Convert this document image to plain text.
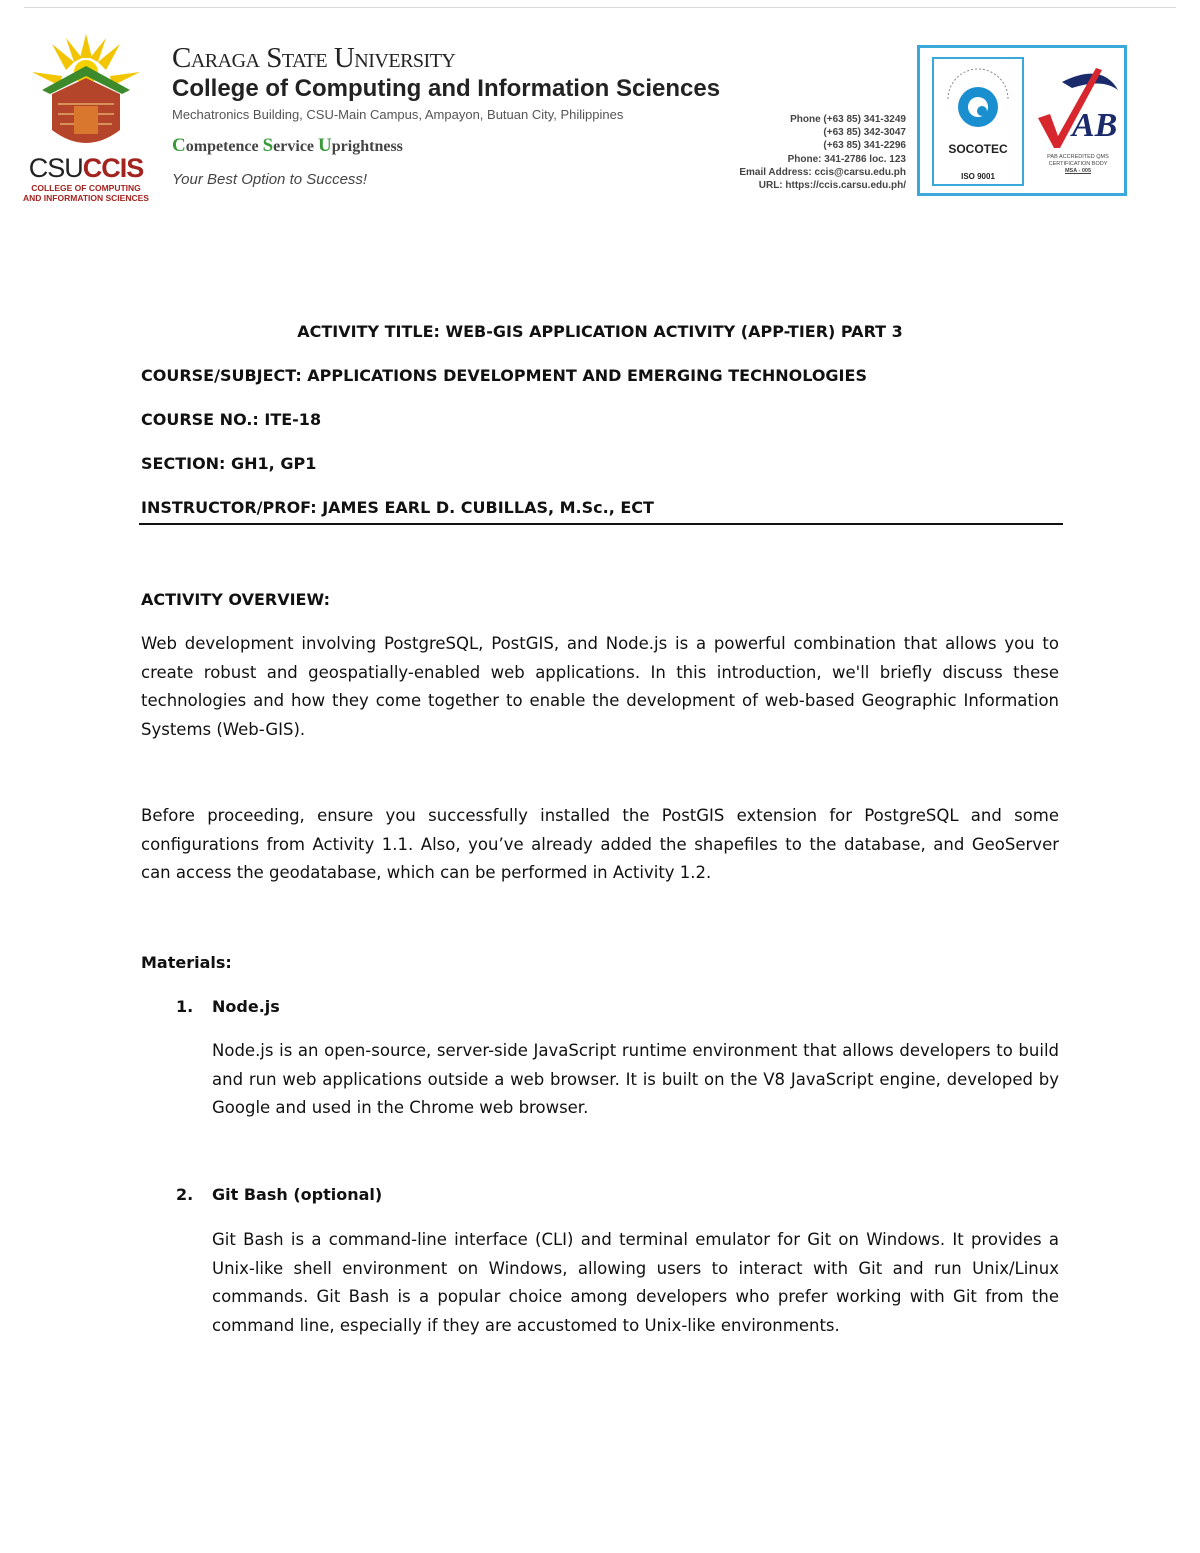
CSUCCIS
COLLEGE OF COMPUTING AND INFORMATION SCIENCES
Caraga State University
College of Computing and Information Sciences
Mechatronics Building, CSU-Main Campus, Ampayon, Butuan City, Philippines
Competence Service Uprightness
Your Best Option to Success!
Phone (+63 85) 341-3249
(+63 85) 342-3047
(+63 85) 341-2296
Phone: 341-2786 loc. 123
Email Address: ccis@carsu.edu.ph
URL: https://ccis.carsu.edu.ph/
SOCOTEC
ISO 9001
AB
PAB ACCREDITED QMS CERTIFICATION BODY
MSA - 005
ACTIVITY TITLE: WEB-GIS APPLICATION ACTIVITY (APP-TIER) PART 3
COURSE/SUBJECT: APPLICATIONS DEVELOPMENT AND EMERGING TECHNOLOGIES
COURSE NO.: ITE-18
SECTION: GH1, GP1
INSTRUCTOR/PROF: JAMES EARL D. CUBILLAS, M.Sc., ECT
ACTIVITY OVERVIEW:
Web development involving PostgreSQL, PostGIS, and Node.js is a powerful combination that allows you to create robust and geospatially-enabled web applications. In this introduction, we'll briefly discuss these technologies and how they come together to enable the development of web-based Geographic Information Systems (Web-GIS).
Before proceeding, ensure you successfully installed the PostGIS extension for PostgreSQL and some configurations from Activity 1.1. Also, you’ve already added the shapefiles to the database, and GeoServer can access the geodatabase, which can be performed in Activity 1.2.
Materials:
1. Node.js
Node.js is an open-source, server-side JavaScript runtime environment that allows developers to build and run web applications outside a web browser. It is built on the V8 JavaScript engine, developed by Google and used in the Chrome web browser.
2. Git Bash (optional)
Git Bash is a command-line interface (CLI) and terminal emulator for Git on Windows. It provides a Unix-like shell environment on Windows, allowing users to interact with Git and run Unix/Linux commands. Git Bash is a popular choice among developers who prefer working with Git from the command line, especially if they are accustomed to Unix-like environments.
